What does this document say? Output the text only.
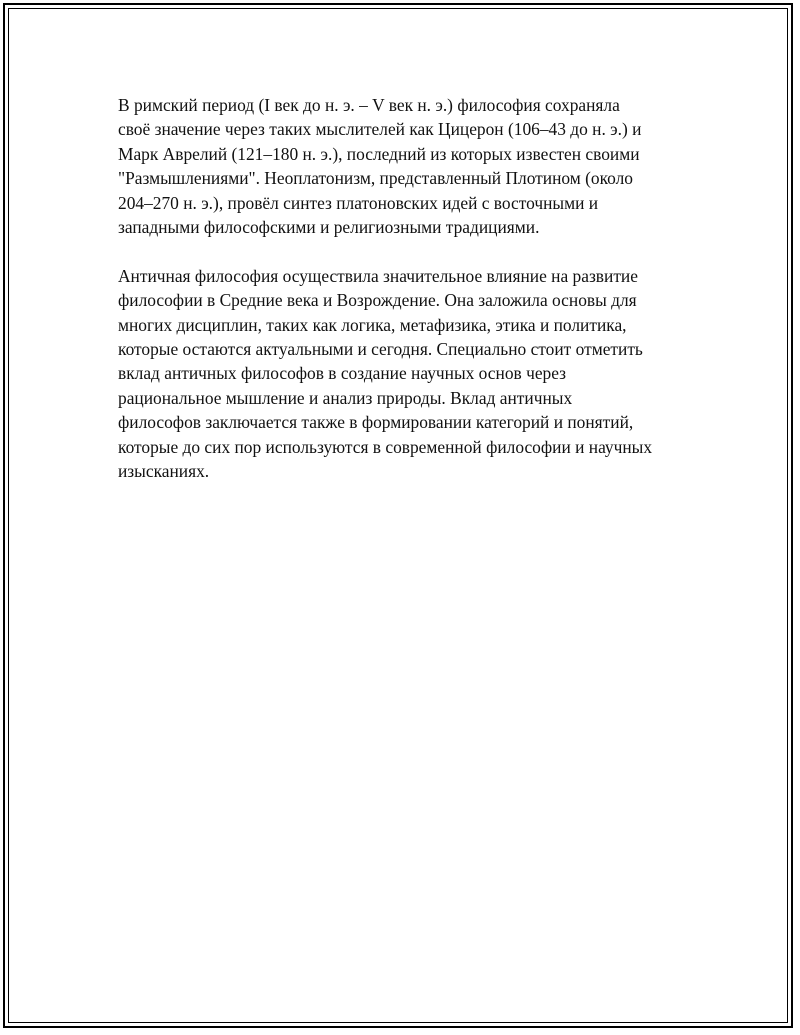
В римский период (I век до н. э. – V век н. э.) философия сохраняла
своё значение через таких мыслителей как Цицерон (106–43 до н. э.) и
Марк Аврелий (121–180 н. э.), последний из которых известен своими
"Размышлениями". Неоплатонизм, представленный Плотином (около
204–270 н. э.), провёл синтез платоновских идей с восточными и
западными философскими и религиозными традициями.

Античная философия осуществила значительное влияние на развитие
философии в Средние века и Возрождение. Она заложила основы для
многих дисциплин, таких как логика, метафизика, этика и политика,
которые остаются актуальными и сегодня. Специально стоит отметить
вклад античных философов в создание научных основ через
рациональное мышление и анализ природы. Вклад античных
философов заключается также в формировании категорий и понятий,
которые до сих пор используются в современной философии и научных
изысканиях.
